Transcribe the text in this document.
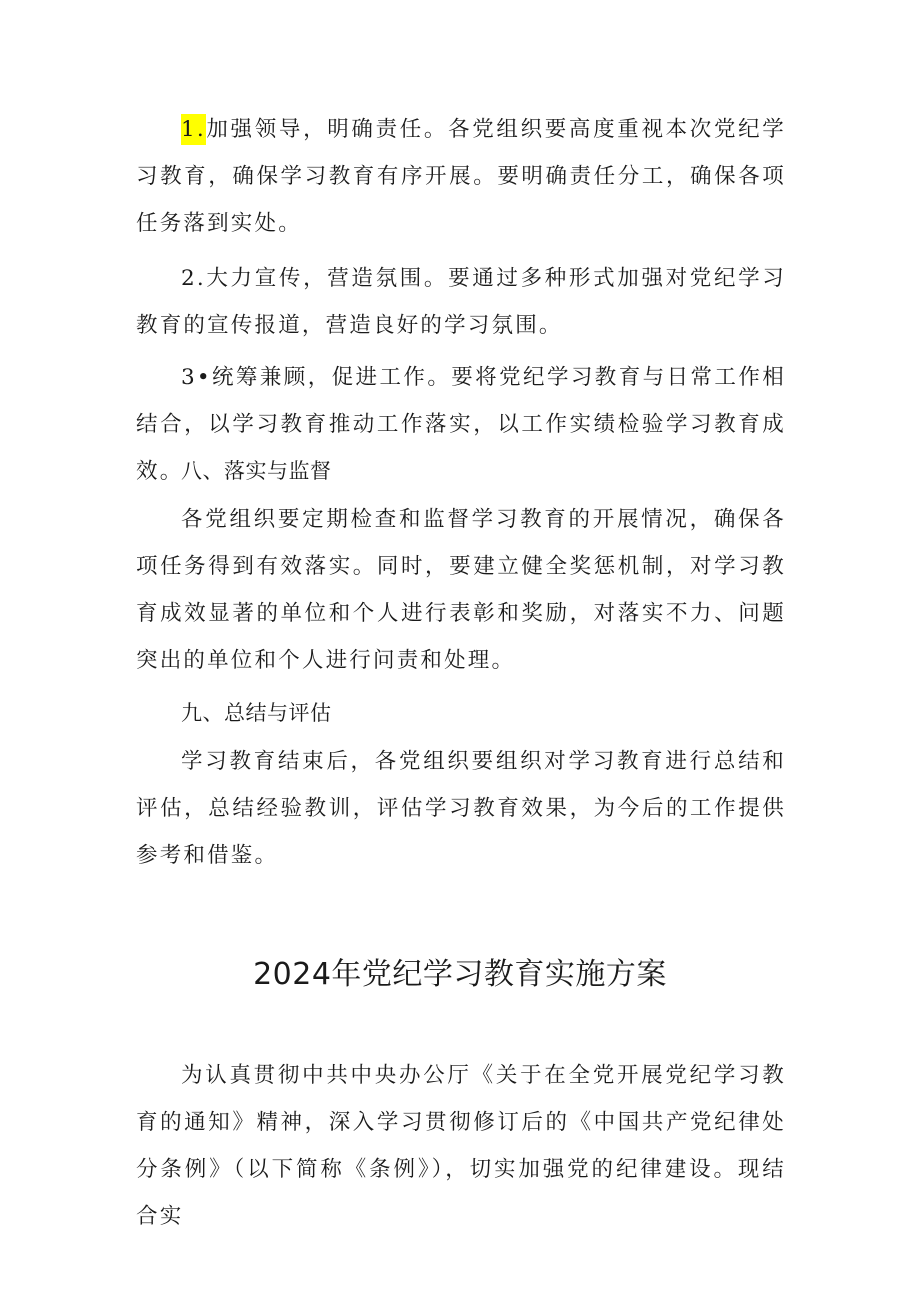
1.加强领导，明确责任。各党组织要高度重视本次党纪学习教育，确保学习教育有序开展。要明确责任分工，确保各项任务落到实处。

2.大力宣传，营造氛围。要通过多种形式加强对党纪学习教育的宣传报道，营造良好的学习氛围。

3•统筹兼顾，促进工作。要将党纪学习教育与日常工作相结合，以学习教育推动工作落实，以工作实绩检验学习教育成效。

八、落实与监督

各党组织要定期检查和监督学习教育的开展情况，确保各项任务得到有效落实。同时，要建立健全奖惩机制，对学习教育成效显著的单位和个人进行表彰和奖励，对落实不力、问题突出的单位和个人进行问责和处理。

九、总结与评估

学习教育结束后，各党组织要组织对学习教育进行总结和评估，总结经验教训，评估学习教育效果，为今后的工作提供参考和借鉴。

2024年党纪学习教育实施方案

为认真贯彻中共中央办公厅《关于在全党开展党纪学习教育的通知》精神，深入学习贯彻修订后的《中国共产党纪律处分条例》（以下简称《条例》），切实加强党的纪律建设。现结合实
